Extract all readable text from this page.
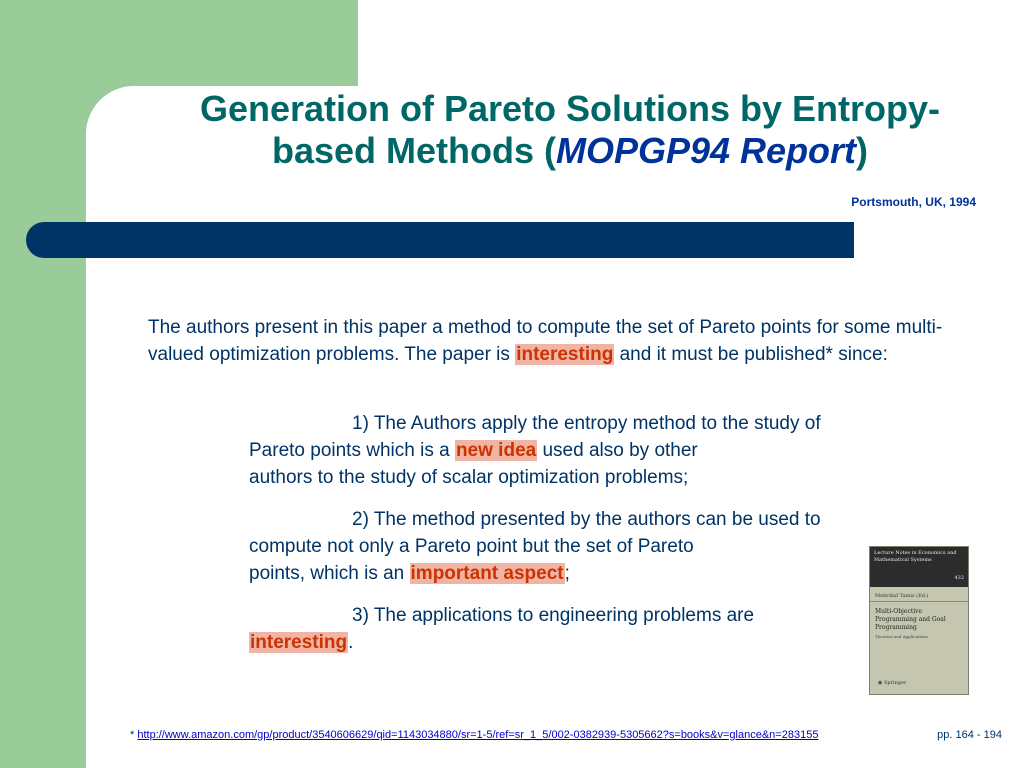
Generation of Pareto Solutions by Entropy-
based Methods (MOPGP94 Report)
Portsmouth, UK, 1994
The authors present in this paper a method to compute the set of Pareto points for some multi-valued optimization problems. The paper is interesting and it must be published* since:
1) The Authors apply the entropy method to the study of
Pareto points which is a new idea used also by other
authors to the study of scalar optimization problems;
2) The method presented by the authors can be used to
compute not only a Pareto point but the set of Pareto
points, which is an important aspect;
3) The applications to engineering problems are
interesting.
Lecture Notes in Economics and Mathematical Systems
432
Mehrdad Tamiz (Ed.)
Multi-Objective Programming and Goal Programming
Theories and Applications
◉ Springer
* http://www.amazon.com/gp/product/3540606629/qid=1143034880/sr=1-5/ref=sr_1_5/002-0382939-5305662?s=books&v=glance&n=283155	pp. 164 - 194
